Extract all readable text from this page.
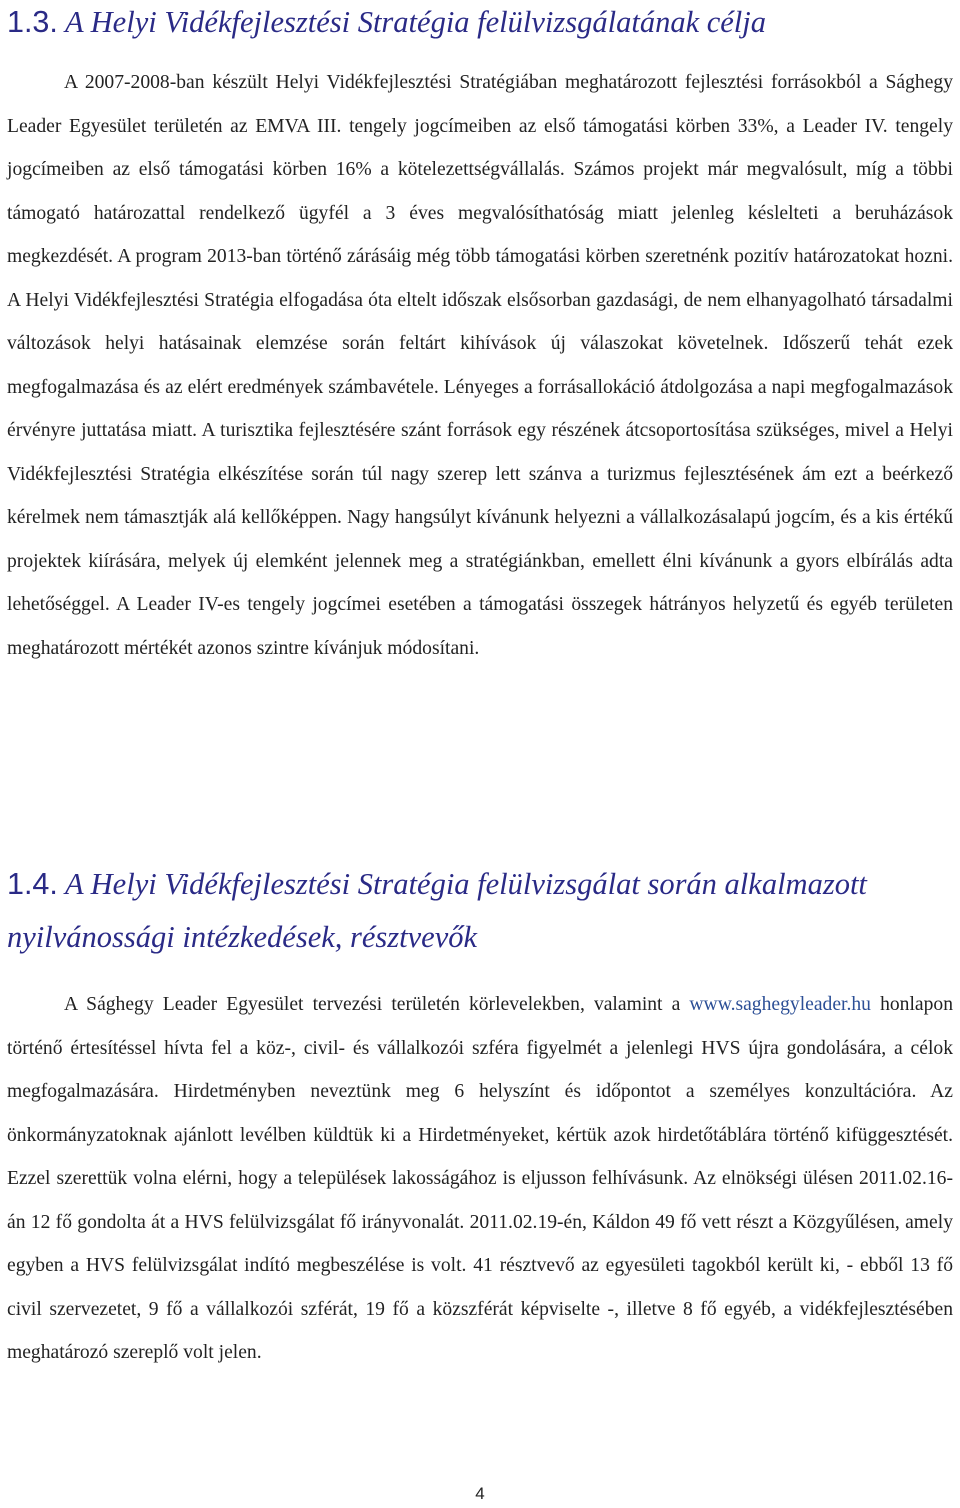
1.3. A Helyi Vidékfejlesztési Stratégia felülvizsgálatának célja

A 2007-2008-ban készült Helyi Vidékfejlesztési Stratégiában meghatározott fejlesztési forrásokból a Sághegy Leader Egyesület területén az EMVA III. tengely jogcímeiben az első támogatási körben 33%, a Leader IV. tengely jogcímeiben az első támogatási körben 16% a kötelezettségvállalás. Számos projekt már megvalósult, míg a többi támogató határozattal rendelkező ügyfél a 3 éves megvalósíthatóság miatt jelenleg késlelteti a beruházások megkezdését. A program 2013-ban történő zárásáig még több támogatási körben szeretnénk pozitív határozatokat hozni. A Helyi Vidékfejlesztési Stratégia elfogadása óta eltelt időszak elsősorban gazdasági, de nem elhanyagolható társadalmi változások helyi hatásainak elemzése során feltárt kihívások új válaszokat követelnek. Időszerű tehát ezek megfogalmazása és az elért eredmények számbavétele. Lényeges a forrásallokáció átdolgozása a napi megfogalmazások érvényre juttatása miatt. A turisztika fejlesztésére szánt források egy részének átcsoportosítása szükséges, mivel a Helyi Vidékfejlesztési Stratégia elkészítése során túl nagy szerep lett szánva a turizmus fejlesztésének ám ezt a beérkező kérelmek nem támasztják alá kellőképpen. Nagy hangsúlyt kívánunk helyezni a vállalkozásalapú jogcím, és a kis értékű projektek kiírására, melyek új elemként jelennek meg a stratégiánkban, emellett élni kívánunk a gyors elbírálás adta lehetőséggel. A Leader IV-es tengely jogcímei esetében a támogatási összegek hátrányos helyzetű és egyéb területen meghatározott mértékét azonos szintre kívánjuk módosítani.

1.4. A Helyi Vidékfejlesztési Stratégia felülvizsgálat során alkalmazott nyilvánossági intézkedések, résztvevők

A Sághegy Leader Egyesület tervezési területén körlevelekben, valamint a www.saghegyleader.hu honlapon történő értesítéssel hívta fel a köz-, civil- és vállalkozói szféra figyelmét a jelenlegi HVS újra gondolására, a célok megfogalmazására. Hirdetményben neveztünk meg 6 helyszínt és időpontot a személyes konzultációra. Az önkormányzatoknak ajánlott levélben küldtük ki a Hirdetményeket, kértük azok hirdetőtáblára történő kifüggesztését. Ezzel szerettük volna elérni, hogy a települések lakosságához is eljusson felhívásunk. Az elnökségi ülésen 2011.02.16-án 12 fő gondolta át a HVS felülvizsgálat fő irányvonalát. 2011.02.19-én, Káldon 49 fő vett részt a Közgyűlésen, amely egyben a HVS felülvizsgálat indító megbeszélése is volt. 41 résztvevő az egyesületi tagokból került ki, - ebből 13 fő civil szervezetet, 9 fő a vállalkozói szférát, 19 fő a közszférát képviselte -, illetve 8 fő egyéb, a vidékfejlesztésében meghatározó szereplő volt jelen.

4
